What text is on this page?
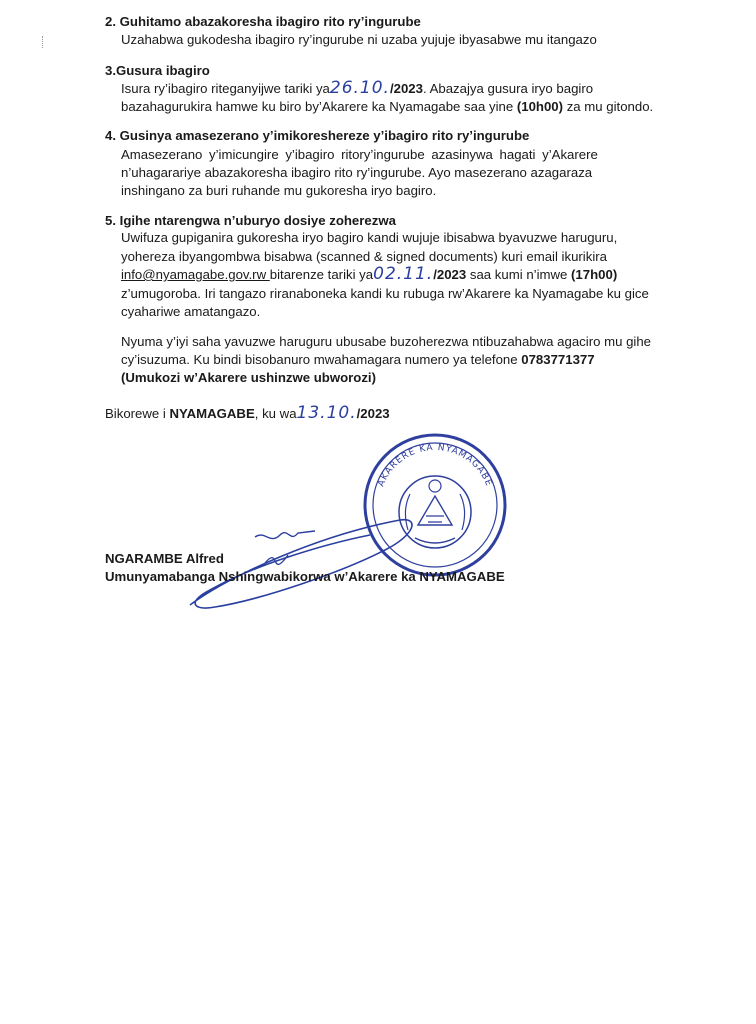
2. Guhitamo abazakoresha ibagiro rito ry’ingurube
Uzahabwa gukodesha ibagiro ry’ingurube ni uzaba yujuje ibyasabwe mu itangazo
3.Gusura ibagiro
Isura ry’ibagiro riteganyijwe tariki ya26.10./2023. Abazajya gusura iryo bagiro
bazahagurukira hamwe ku biro by’Akarere ka Nyamagabe saa yine (10h00) za mu gitondo.
4. Gusinya amasezerano y’imikoreshereze y’ibagiro rito ry’ingurube
Amasezerano y’imicungire y’ibagiro ritory’ingurube azasinywa hagati y’Akarere
n’uhagarariye abazakoresha ibagiro rito ry’ingurube. Ayo masezerano azagaraza
inshingano za buri ruhande mu gukoresha iryo bagiro.
5. Igihe ntarengwa n’uburyo dosiye zoherezwa
Uwifuza gupiganira gukoresha iryo bagiro kandi wujuje ibisabwa byavuzwe haruguru,
yohereza ibyangombwa bisabwa (scanned & signed documents) kuri email ikurikira
info@nyamagabe.gov.rw bitarenze tariki ya02.11./2023 saa kumi n’imwe (17h00)
z’umugoroba. Iri tangazo riranaboneka kandi ku rubuga rw’Akarere ka Nyamagabe ku gice
cyahariwe amatangazo.
Nyuma y’iyi saha yavuzwe haruguru ubusabe buzoherezwa ntibuzahabwa agaciro mu gihe
cy’isuzuma. Ku bindi bisobanuro mwahamagara numero ya telefone 0783771377
(Umukozi w’Akarere ushinzwe ubworozi)
Bikorewe i NYAMAGABE, ku wa13.10./2023
AKARERE KA NYAMAGABE
NGARAMBE Alfred
Umunyamabanga Nshingwabikorwa w’Akarere ka NYAMAGABE
